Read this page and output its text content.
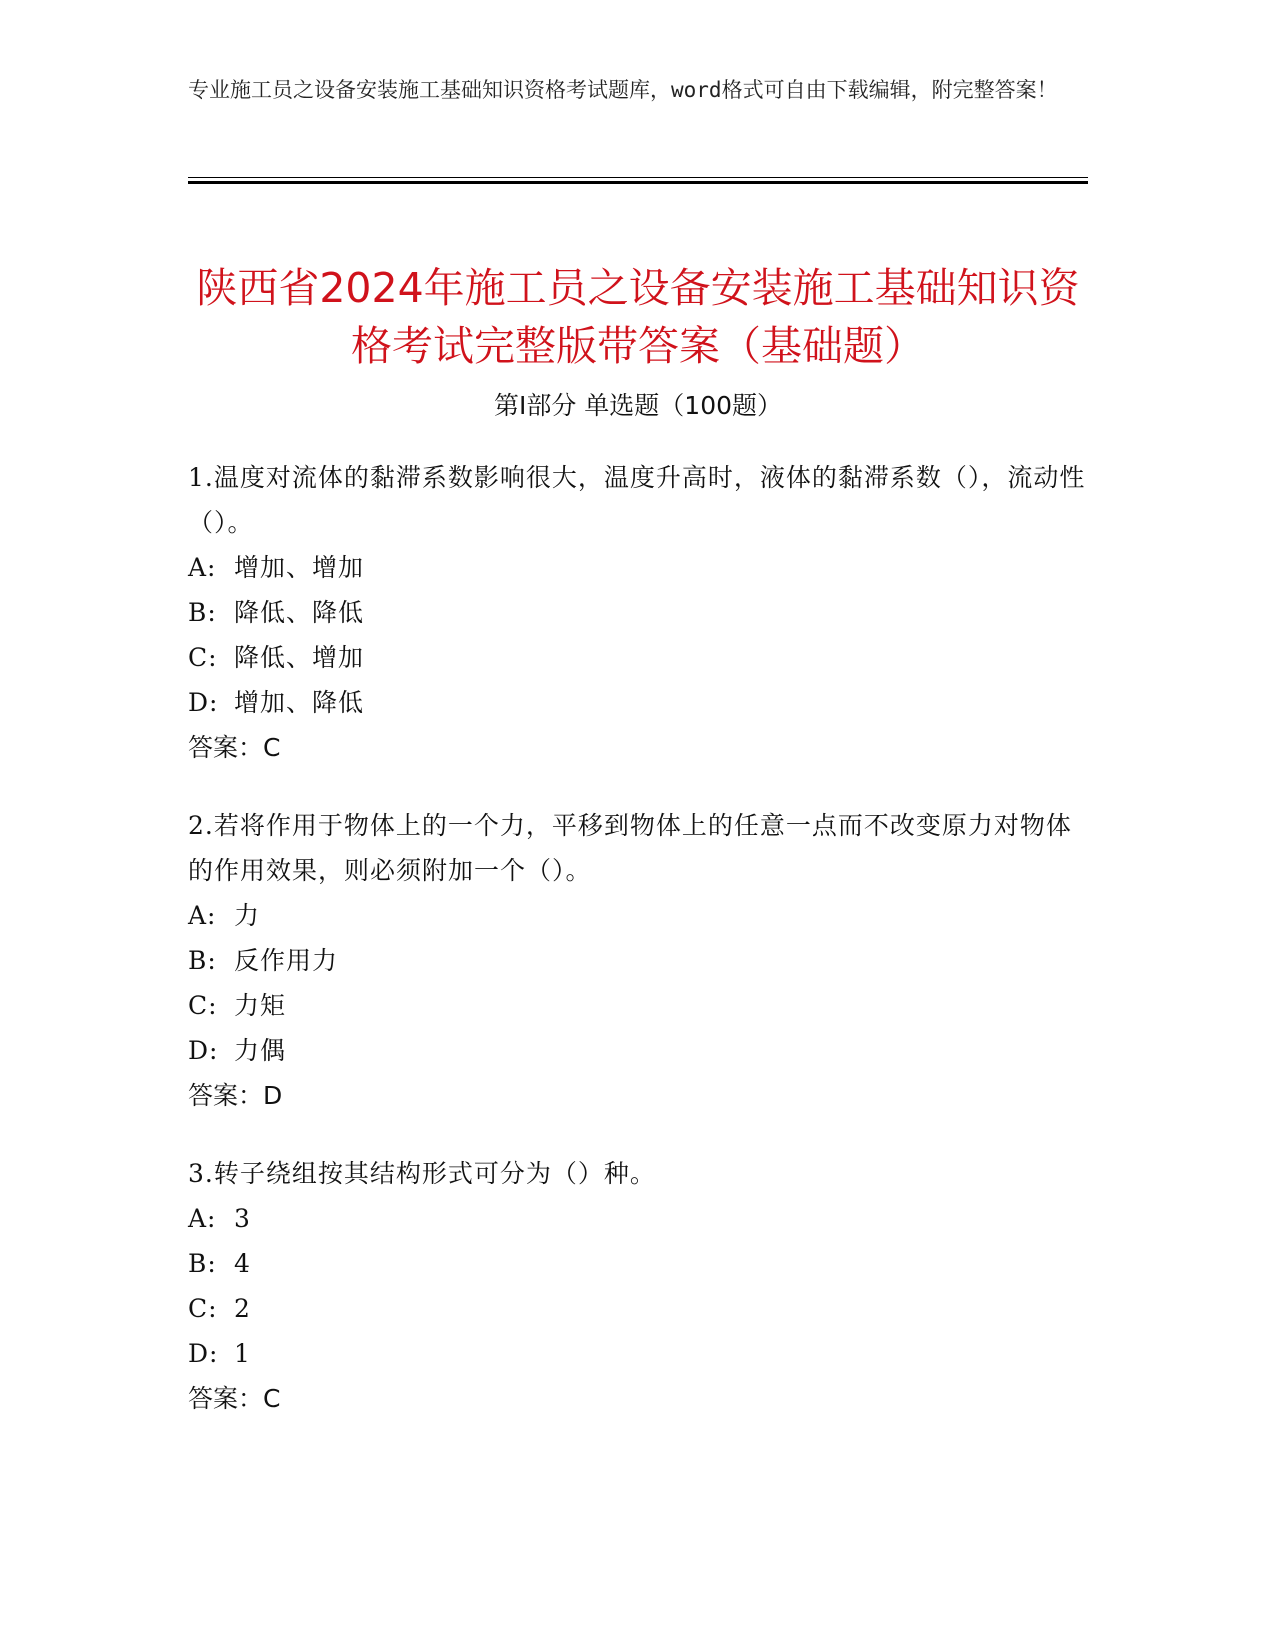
专业施工员之设备安装施工基础知识资格考试题库，word格式可自由下载编辑，附完整答案！
陕西省2024年施工员之设备安装施工基础知识资格考试完整版带答案（基础题）
第Ⅰ部分 单选题（100题）
1.温度对流体的黏滞系数影响很大，温度升高时，液体的黏滞系数（），流动性（）。
A: 增加、增加
B: 降低、降低
C: 降低、增加
D: 增加、降低
答案：C
2.若将作用于物体上的一个力，平移到物体上的任意一点而不改变原力对物体的作用效果，则必须附加一个（）。
A: 力
B: 反作用力
C: 力矩
D: 力偶
答案：D
3.转子绕组按其结构形式可分为（）种。
A: 3
B: 4
C: 2
D: 1
答案：C
